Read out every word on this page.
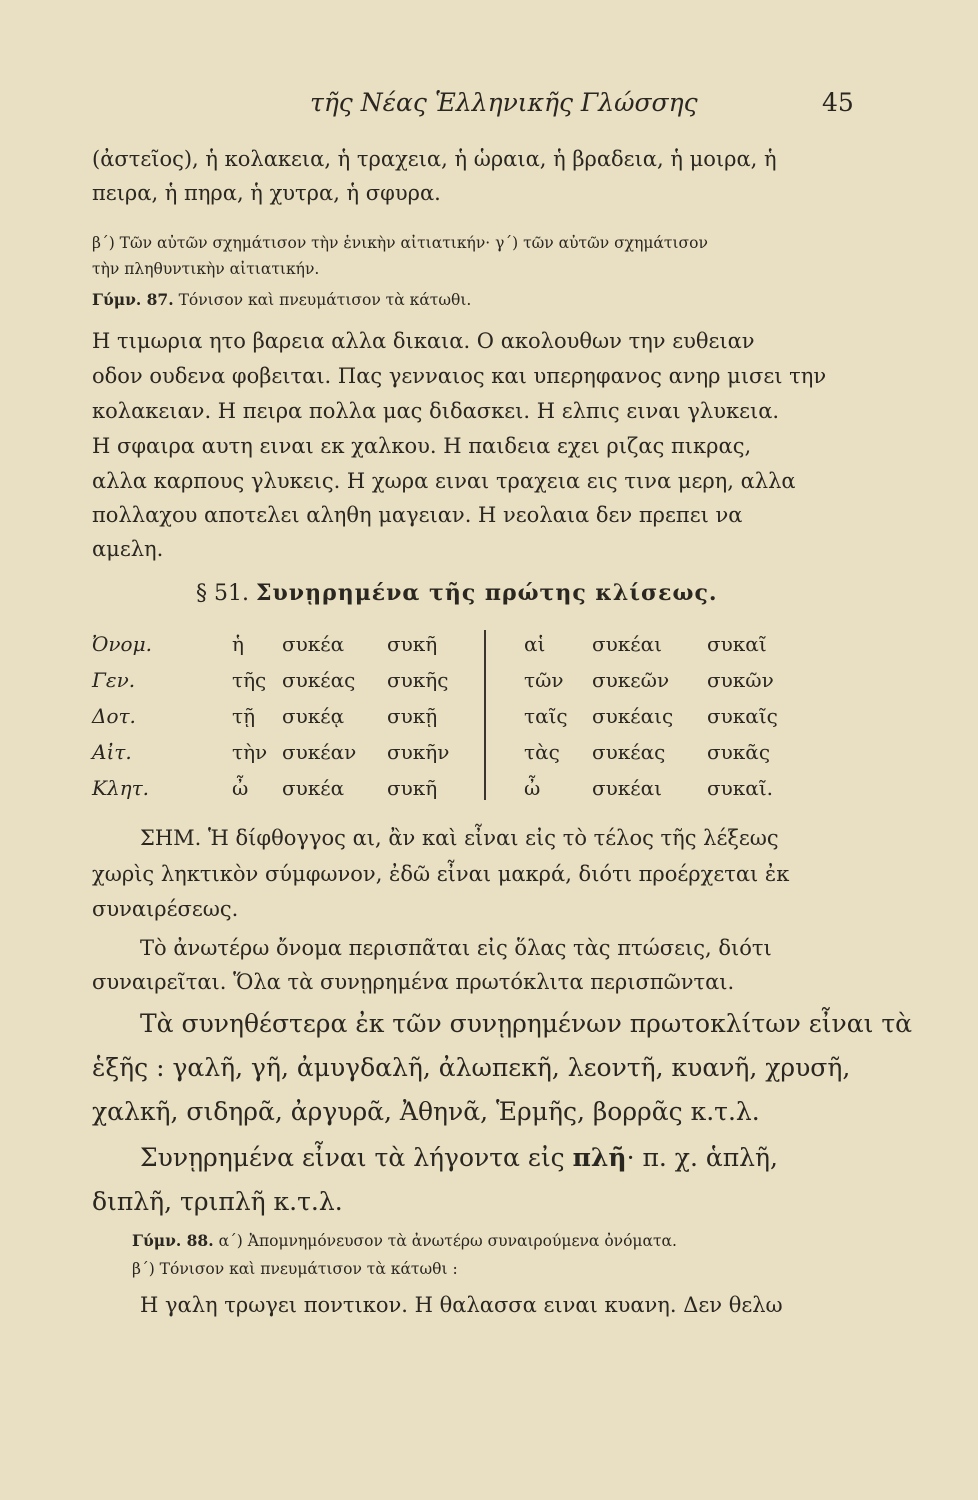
τῆς Νέας Ἑλληνικῆς Γλώσσης	45
(ἀστεῖος), ἡ κολακεια, ἡ τραχεια, ἡ ὡραια, ἡ βραδεια, ἡ μοιρα, ἡ
πειρα, ἡ πηρα, ἡ χυτρα, ἡ σφυρα.
β΄) Τῶν αὐτῶν σχημάτισον τὴν ἑνικὴν αἰτιατικήν· γ΄) τῶν αὐτῶν σχημάτισον
τὴν πληθυντικὴν αἰτιατικήν.
Γύμν. 87. Τόνισον καὶ πνευμάτισον τὰ κάτωθι.
Η τιμωρια ητο βαρεια αλλα δικαια. Ο ακολουθων την ευθειαν
οδον ουδενα φοβειται. Πας γενναιος και υπερηφανος ανηρ μισει την
κολακειαν. Η πειρα πολλα μας διδασκει. Η ελπις ειναι γλυκεια.
Η σφαιρα αυτη ειναι εκ χαλκου. Η παιδεια εχει ριζας πικρας,
αλλα καρπους γλυκεις. Η χωρα ειναι τραχεια εις τινα μερη, αλλα
πολλαχου αποτελει αληθη μαγειαν. Η νεολαια δεν πρεπει να
αμελη.
§ 51. Συνῃρημένα τῆς πρώτης κλίσεως.
Ὀνομ.	ἡ συκέα συκῆ	αἱ συκέαι συκαῖ
Γεν.	τῆς συκέας συκῆς	τῶν συκεῶν συκῶν
Δοτ.	τῇ συκέᾳ συκῇ	ταῖς συκέαις συκαῖς
Αἰτ.	τὴν συκέαν συκῆν	τὰς συκέας συκᾶς
Κλητ.	ὦ συκέα συκῆ	ὦ	συκέαι συκαῖ.
ΣΗΜ. Ἡ δίφθογγος αι, ἂν καὶ εἶναι εἰς τὸ τέλος τῆς λέξεως
χωρὶς ληκτικὸν σύμφωνον, ἐδῶ εἶναι μακρά, διότι προέρχεται ἐκ
συναιρέσεως.
Τὸ ἀνωτέρω ὄνομα περισπᾶται εἰς ὅλας τὰς πτώσεις, διότι
συναιρεῖται. Ὅλα τὰ συνῃρημένα πρωτόκλιτα περισπῶνται.
Τὰ συνηθέστερα ἐκ τῶν συνῃρημένων πρωτοκλίτων εἶναι τὰ
ἑξῆς : γαλῆ, γῆ, ἀμυγδαλῆ, ἀλωπεκῆ, λεοντῆ, κυανῆ, χρυσῆ,
χαλκῆ, σιδηρᾶ, ἀργυρᾶ, Ἀθηνᾶ, Ἑρμῆς, βορρᾶς κ.τ.λ.
Συνῃρημένα εἶναι τὰ λήγοντα εἰς πλῆ· π. χ. ἁπλῆ,
διπλῆ, τριπλῆ κ.τ.λ.
Γύμν. 88. α΄) Ἀπομνημόνευσον τὰ ἀνωτέρω συναιρούμενα ὀνόματα.
β΄) Τόνισον καὶ πνευμάτισον τὰ κάτωθι :
Η γαλη τρωγει ποντικον. Η θαλασσα ειναι κυανη. Δεν θελω
